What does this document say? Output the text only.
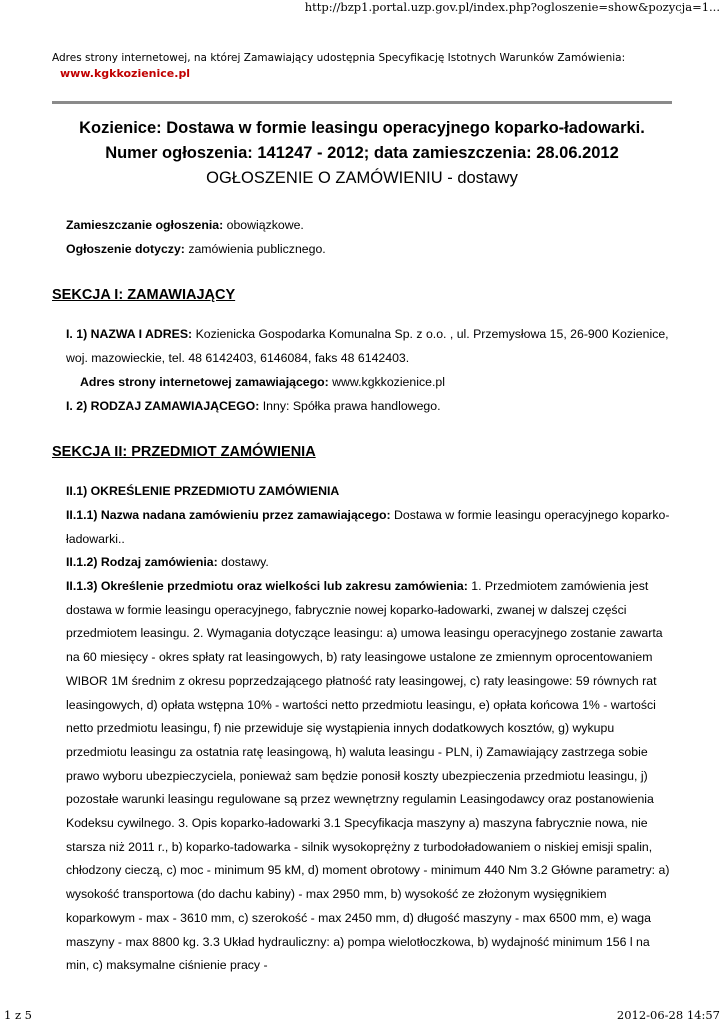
http://bzp1.portal.uzp.gov.pl/index.php?ogloszenie=show&pozycja=1...
Adres strony internetowej, na której Zamawiający udostępnia Specyfikację Istotnych Warunków Zamówienia:
www.kgkkozienice.pl
Kozienice: Dostawa w formie leasingu operacyjnego koparko-ładowarki.
Numer ogłoszenia: 141247 - 2012; data zamieszczenia: 28.06.2012
OGŁOSZENIE O ZAMÓWIENIU - dostawy

Zamieszczanie ogłoszenia: obowiązkowe.

Ogłoszenie dotyczy: zamówienia publicznego.

SEKCJA I: ZAMAWIAJĄCY

I. 1) NAZWA I ADRES: Kozienicka Gospodarka Komunalna Sp. z o.o. , ul. Przemysłowa 15, 26-900 Kozienice, woj. mazowieckie, tel. 48 6142403, 6146084, faks 48 6142403.

Adres strony internetowej zamawiającego: www.kgkkozienice.pl

I. 2) RODZAJ ZAMAWIAJĄCEGO: Inny: Spółka prawa handlowego.

SEKCJA II: PRZEDMIOT ZAMÓWIENIA

II.1) OKREŚLENIE PRZEDMIOTU ZAMÓWIENIA

II.1.1) Nazwa nadana zamówieniu przez zamawiającego: Dostawa w formie leasingu operacyjnego koparko-ładowarki..

II.1.2) Rodzaj zamówienia: dostawy.

II.1.3) Określenie przedmiotu oraz wielkości lub zakresu zamówienia: 1. Przedmiotem zamówienia jest dostawa w formie leasingu operacyjnego, fabrycznie nowej koparko-ładowarki, zwanej w dalszej części przedmiotem leasingu. 2. Wymagania dotyczące leasingu: a) umowa leasingu operacyjnego zostanie zawarta na 60 miesięcy - okres spłaty rat leasingowych, b) raty leasingowe ustalone ze zmiennym oprocentowaniem WIBOR 1M średnim z okresu poprzedzającego płatność raty leasingowej, c) raty leasingowe: 59 równych rat leasingowych, d) opłata wstępna 10% - wartości netto przedmiotu leasingu, e) opłata końcowa 1% - wartości netto przedmiotu leasingu, f) nie przewiduje się wystąpienia innych dodatkowych kosztów, g) wykupu przedmiotu leasingu za ostatnia ratę leasingową, h) waluta leasingu - PLN, i) Zamawiający zastrzega sobie prawo wyboru ubezpieczyciela, ponieważ sam będzie ponosił koszty ubezpieczenia przedmiotu leasingu, j) pozostałe warunki leasingu regulowane są przez wewnętrzny regulamin Leasingodawcy oraz postanowienia Kodeksu cywilnego. 3. Opis koparko-ładowarki 3.1 Specyfikacja maszyny a) maszyna fabrycznie nowa, nie starsza niż 2011 r., b) koparko-tadowarka - silnik wysokoprężny z turbodoładowaniem o niskiej emisji spalin, chłodzony cieczą, c) moc - minimum 95 kM, d) moment obrotowy - minimum 440 Nm 3.2 Główne parametry: a) wysokość transportowa (do dachu kabiny) - max 2950 mm, b) wysokość ze złożonym wysięgnikiem koparkowym - max - 3610 mm, c) szerokość - max 2450 mm, d) długość maszyny - max 6500 mm, e) waga maszyny - max 8800 kg. 3.3 Układ hydrauliczny: a) pompa wielotłoczkowa, b) wydajność minimum 156 l na min, c) maksymalne ciśnienie pracy -

1 z 5	2012-06-28 14:57
